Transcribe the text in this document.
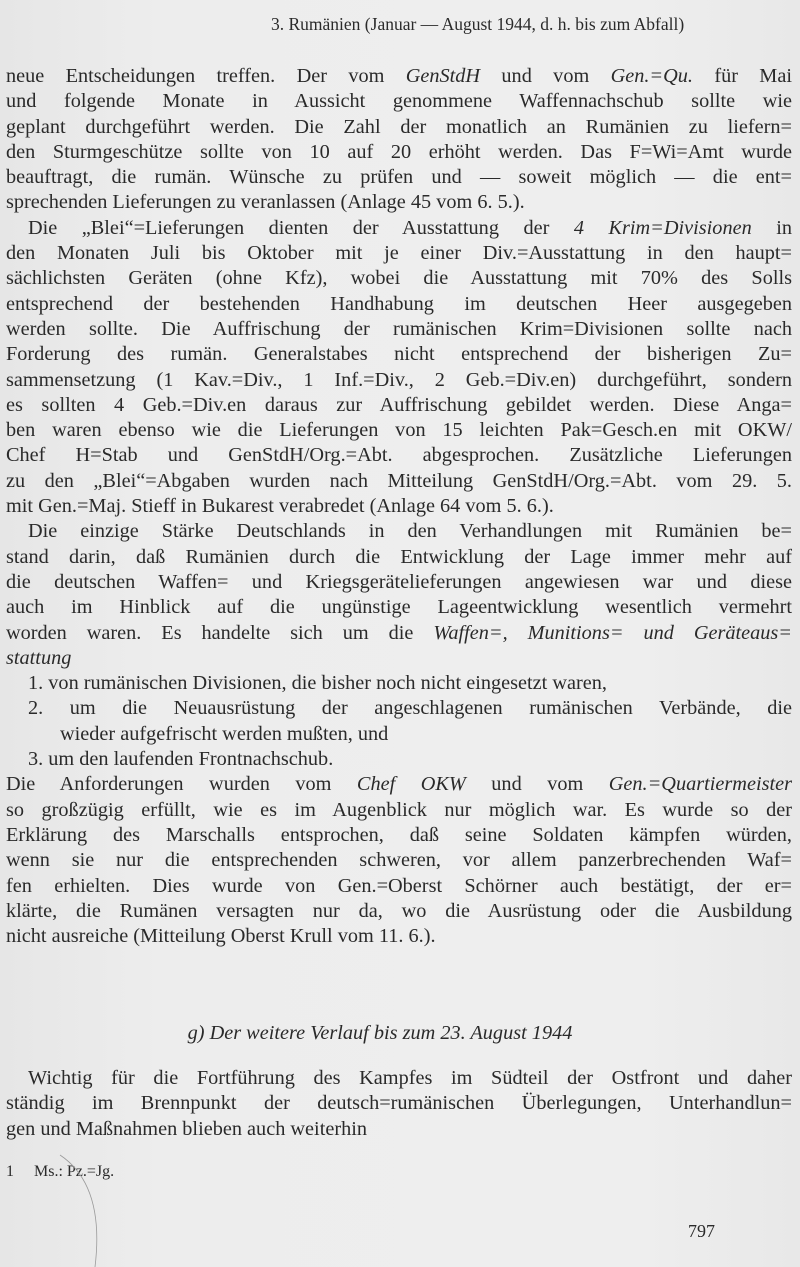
3. Rumänien (Januar — August 1944, d. h. bis zum Abfall)
neue Entscheidungen treffen. Der vom GenStdH und vom Gen.=Qu. für Mai
und folgende Monate in Aussicht genommene Waffennachschub sollte wie
geplant durchgeführt werden. Die Zahl der monatlich an Rumänien zu liefern=
den Sturmgeschütze sollte von 10 auf 20 erhöht werden. Das F=Wi=Amt wurde
beauftragt, die rumän. Wünsche zu prüfen und — soweit möglich — die ent=
sprechenden Lieferungen zu veranlassen (Anlage 45 vom 6. 5.).
Die „Blei“=Lieferungen dienten der Ausstattung der 4 Krim=Divisionen in
den Monaten Juli bis Oktober mit je einer Div.=Ausstattung in den haupt=
sächlichsten Geräten (ohne Kfz), wobei die Ausstattung mit 70% des Solls
entsprechend der bestehenden Handhabung im deutschen Heer ausgegeben
werden sollte. Die Auffrischung der rumänischen Krim=Divisionen sollte nach
Forderung des rumän. Generalstabes nicht entsprechend der bisherigen Zu=
sammensetzung (1 Kav.=Div., 1 Inf.=Div., 2 Geb.=Div.en) durchgeführt, sondern
es sollten 4 Geb.=Div.en daraus zur Auffrischung gebildet werden. Diese Anga=
ben waren ebenso wie die Lieferungen von 15 leichten Pak=Gesch.en mit OKW/
Chef H=Stab und GenStdH/Org.=Abt. abgesprochen. Zusätzliche Lieferungen
zu den „Blei“=Abgaben wurden nach Mitteilung GenStdH/Org.=Abt. vom 29. 5.
mit Gen.=Maj. Stieff in Bukarest verabredet (Anlage 64 vom 5. 6.).
Die einzige Stärke Deutschlands in den Verhandlungen mit Rumänien be=
stand darin, daß Rumänien durch die Entwicklung der Lage immer mehr auf
die deutschen Waffen= und Kriegsgerätelieferungen angewiesen war und diese
auch im Hinblick auf die ungünstige Lageentwicklung wesentlich vermehrt
worden waren. Es handelte sich um die Waffen=, Munitions= und Geräteaus=
stattung
1. von rumänischen Divisionen, die bisher noch nicht eingesetzt waren,
2. um die Neuausrüstung der angeschlagenen rumänischen Verbände, die
wieder aufgefrischt werden mußten, und
3. um den laufenden Frontnachschub.
Die Anforderungen wurden vom Chef OKW und vom Gen.=Quartiermeister
so großzügig erfüllt, wie es im Augenblick nur möglich war. Es wurde so der
Erklärung des Marschalls entsprochen, daß seine Soldaten kämpfen würden,
wenn sie nur die entsprechenden schweren, vor allem panzerbrechenden Waf=
fen erhielten. Dies wurde von Gen.=Oberst Schörner auch bestätigt, der er=
klärte, die Rumänen versagten nur da, wo die Ausrüstung oder die Ausbildung
nicht ausreiche (Mitteilung Oberst Krull vom 11. 6.).
g) Der weitere Verlauf bis zum 23. August 1944
Wichtig für die Fortführung des Kampfes im Südteil der Ostfront und daher
ständig im Brennpunkt der deutsch=rumänischen Überlegungen, Unterhandlun=
gen und Maßnahmen blieben auch weiterhin
1 Ms.: Pz.=Jg.
797
